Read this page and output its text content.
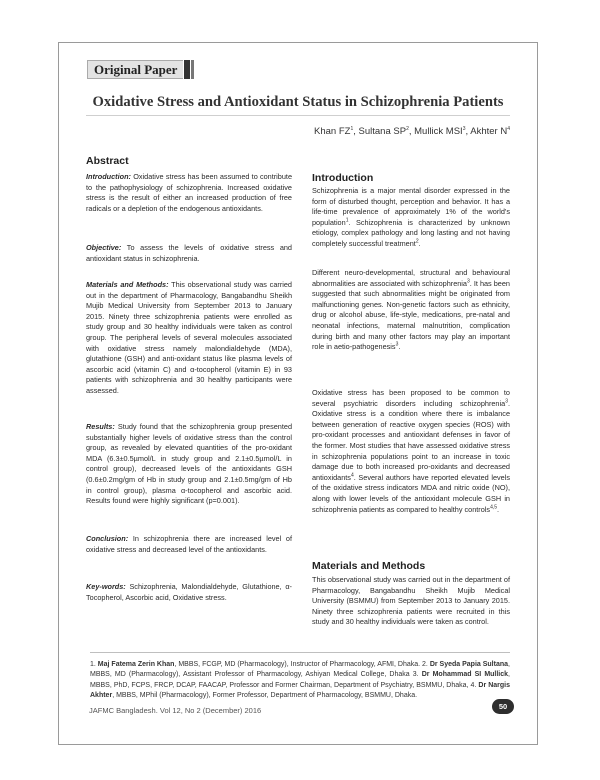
Original Paper
Oxidative Stress and Antioxidant Status in Schizophrenia Patients
Khan $FZ^1$, Sultana $SP^2$, Mullick MSI$^3$, Akhter $N^4$
Abstract

Introduction: Oxidative stress has been assumed to contribute to the pathophysiology of schizophrenia. Increased oxidative stress is the result of either an increased production of free radicals or a depletion of the endogenous antioxidants.

Objective: To assess the levels of oxidative stress and antioxidant status in schizophrenia.

Materials and Methods: This observational study was carried out in the department of Pharmacology, Bangabandhu Sheikh Mujib Medical University from September 2013 to January 2015. Ninety three schizophrenia patients were enrolled as study group and 30 healthy individuals were taken as control group. The peripheral levels of several molecules associated with oxidative stress namely malondialdehyde (MDA), glutathione (GSH) and anti-oxidant status like plasma levels of ascorbic acid (vitamin C) and α-tocopherol (vitamin E) in 93 patients with schizophrenia and 30 healthy participants were assessed.

Results: Study found that the schizophrenia group presented substantially higher levels of oxidative stress than the control group, as revealed by elevated quantities of the pro-oxidant MDA (6.3±0.5µmol/L in study group and 2.1±0.5µmol/L in control group), decreased levels of the antioxidants GSH (0.6±0.2mg/gm of Hb in study group and 2.1±0.5mg/gm of Hb in control group), plasma α-tocopherol and ascorbic acid. Results found were highly significant (p=0.001).

Conclusion: In schizophrenia there are increased level of oxidative stress and decreased level of the antioxidants.

Key-words: Schizophrenia, Malondialdehyde, Glutathione, α-Tocopherol, Ascorbic acid, Oxidative stress.

Introduction

Schizophrenia is a major mental disorder expressed in the form of disturbed thought, perception and behavior. It has a life-time prevalence of approximately 1% of the world's population$^1$. Schizophrenia is characterized by unknown etiology, complex pathology and long lasting and not having completely successful treatment$^2$.

Different neuro-developmental, structural and behavioural abnormalities are associated with schizophrenia$^3$. It has been suggested that such abnormalities might be originated from malfunctioning genes. Non-genetic factors such as ethnicity, drug or alcohol abuse, life-style, medications, pre-natal and neonatal infections, maternal malnutrition, complication during birth and many other factors may play an important role in aetio-pathogenesis$^3$.

Oxidative stress has been proposed to be common to several psychiatric disorders including schizophrenia$^3$. Oxidative stress is a condition where there is imbalance between generation of reactive oxygen species (ROS) with pro-oxidant processes and antioxidant defenses in favor of the former. Most studies that have assessed oxidative stress in schizophrenia populations point to an increase in toxic damage due to both increased pro-oxidants and decreased antioxidants$^4$. Several authors have reported elevated levels of the oxidative stress indicators MDA and nitric oxide (NO), along with lower levels of the antioxidant molecule GSH in schizophrenia patients as compared to healthy controls$^{4,5}$.

Materials and Methods

This observational study was carried out in the department of Pharmacology, Bangabandhu Sheikh Mujib Medical University (BSMMU) from September 2013 to January 2015. Ninety three schizophrenia patients were recruited in this study and 30 healthy individuals were taken as control.

1. Maj Fatema Zerin Khan, MBBS, FCGP, MD (Pharmacology), Instructor of Pharmacology, AFMI, Dhaka. 2. Dr Syeda Papia Sultana, MBBS, MD (Pharmacology), Assistant Professor of Pharmacology, Ashiyan Medical College, Dhaka 3. Dr Mohammad SI Mullick, MBBS, PhD, FCPS, FRCP, DCAP, FAACAP, Professor and Former Chairman, Department of Psychiatry, BSMMU, Dhaka, 4. Dr Nargis Akhter, MBBS, MPhil (Pharmacology), Former Professor, Department of Pharmacology, BSMMU, Dhaka.

JAFMC Bangladesh. Vol 12, No 2 (December) 2016	50
